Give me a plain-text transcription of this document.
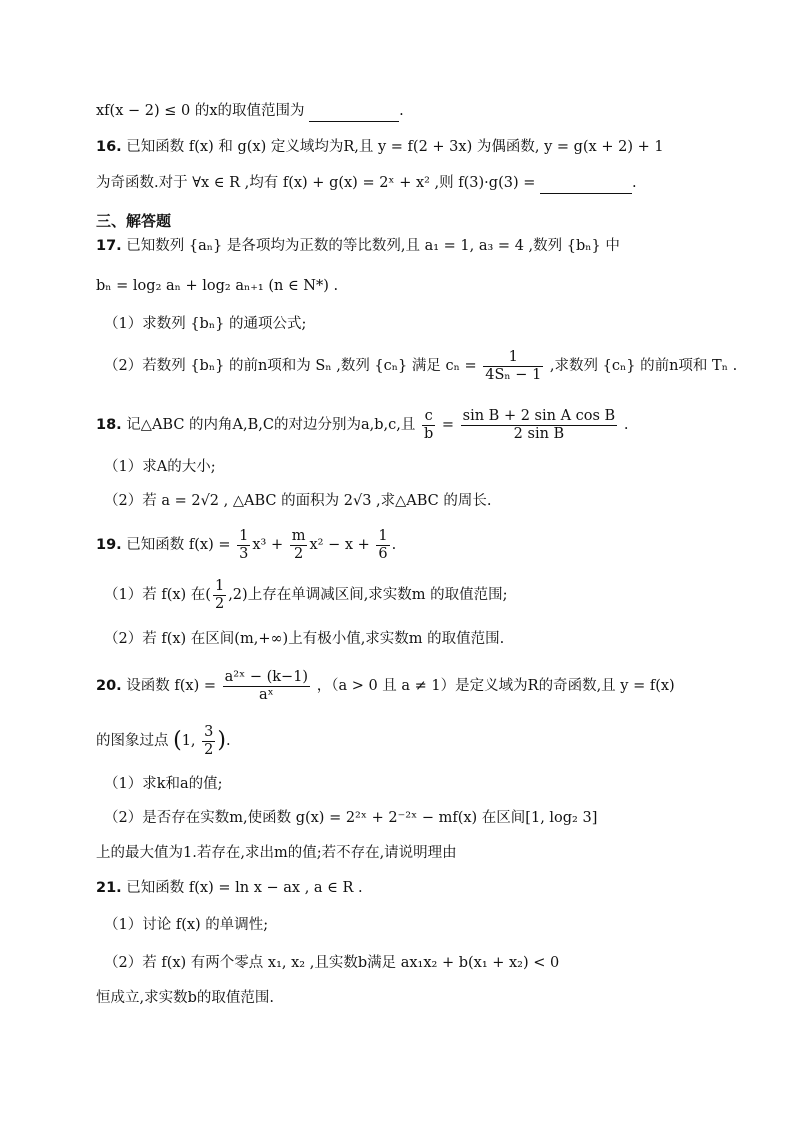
xf(x − 2) ≤ 0 的x的取值范围为	.
16. 已知函数 f(x) 和 g(x) 定义域均为R,且 y = f(2 + 3x) 为偶函数, y = g(x + 2) + 1
为奇函数.对于 ∀x ∈ R ,均有 f(x) + g(x) = 2ˣ + x² ,则 f(3)·g(3) =	.
三、解答题
17. 已知数列 {aₙ} 是各项均为正数的等比数列,且 a₁ = 1, a₃ = 4 ,数列 {bₙ} 中
bₙ = log₂ aₙ + log₂ aₙ₊₁ (n ∈ N*) .
（1）求数列 {bₙ} 的通项公式;
（2）若数列 {bₙ} 的前n项和为 Sₙ ,数列 {cₙ} 满足 $c_n = \frac{1}{\text{4Sₙ − 1}}$ ,求数列 {cₙ} 的前n项和 Tₙ .
18. 记△ABC 的内角A,B,C的对边分别为a,b,c,且 $\frac{c}{b} = \frac{\text{sin B + 2 sin A cos B}}{\text{2 sin B}}$ .
（1）求A的大小;
（2）若 a = 2√2 , △ABC 的面积为 2√3 ,求△ABC 的周长.
19. 已知函数 $f(x) = \frac{1}{3} x^3 + \frac{m}{2} x^2 - x + \frac{1}{6}$ .
（1）若 f(x) 在( $\frac{1}{2} ,2$)上存在单调减区间,求实数m 的取值范围;
（2）若 f(x) 在区间(m,+∞)上有极小值,求实数m 的取值范围.
20. 设函数 $f(x) = \frac{\text{a²ˣ − (k−1)}}{\text{aˣ}}$ ，（a > 0 且 a ≠ 1）是定义域为R的奇函数,且 y = f(x)
的图象过点 (1, $\frac{3}{2}$ ).
（1）求k和a的值;
（2）是否存在实数m,使函数 g(x) = 2²ˣ + 2⁻²ˣ − mf(x) 在区间[1, log₂ 3]
上的最大值为1.若存在,求出m的值;若不存在,请说明理由
21. 已知函数 f(x) = ln x − ax , a ∈ R .
（1）讨论 f(x) 的单调性;
（2）若 f(x) 有两个零点 x₁, x₂ ,且实数b满足 ax₁x₂ + b(x₁ + x₂) < 0
恒成立,求实数b的取值范围.
